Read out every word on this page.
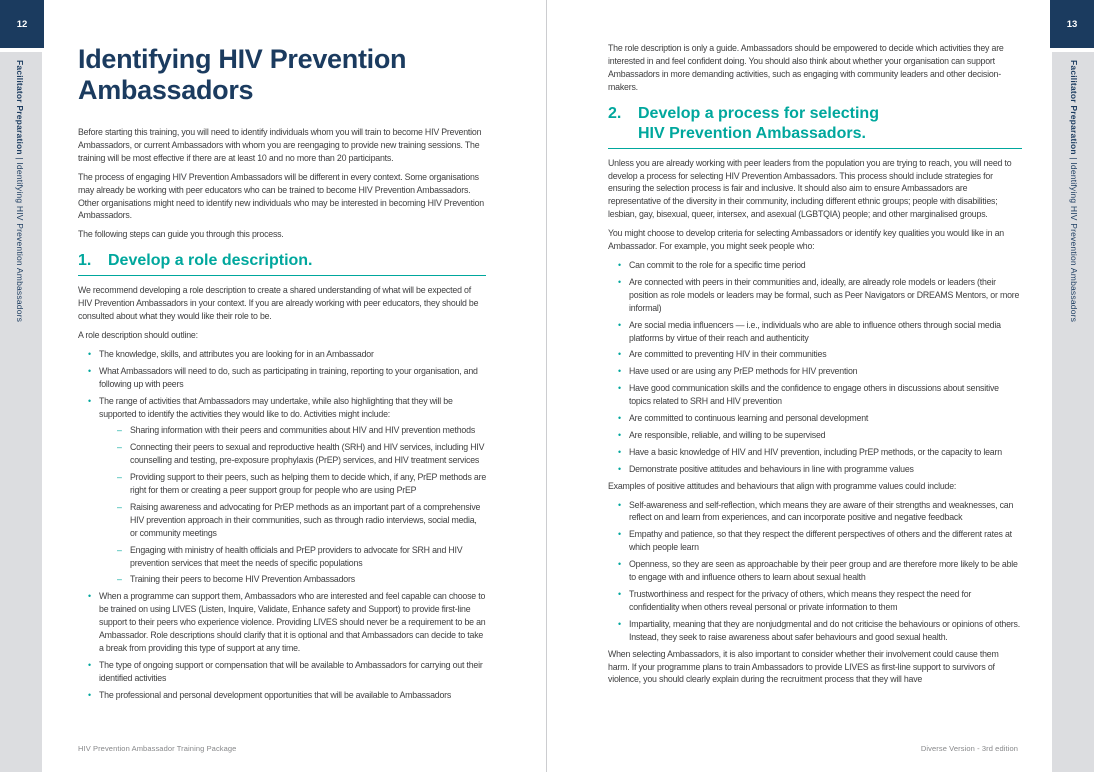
12
Facilitator Preparation | Identifying HIV Prevention Ambassadors
13
Facilitator Preparation | Identifying HIV Prevention Ambassadors
Identifying HIV Prevention Ambassadors

Before starting this training, you will need to identify individuals whom you will train to become HIV Prevention Ambassadors, or current Ambassadors with whom you are reengaging to provide new training sessions. The training will be most effective if there are at least 10 and no more than 20 participants.

The process of engaging HIV Prevention Ambassadors will be different in every context. Some organisations may already be working with peer educators who can be trained to become HIV Prevention Ambassadors. Other organisations might need to identify new individuals who may be interested in becoming HIV Prevention Ambassadors.

The following steps can guide you through this process.

1.	Develop a role description.

We recommend developing a role description to create a shared understanding of what will be expected of HIV Prevention Ambassadors in your context. If you are already working with peer educators, they should be consulted about what they would like their role to be.

A role description should outline:

• The knowledge, skills, and attributes you are looking for in an Ambassador
• What Ambassadors will need to do, such as participating in training, reporting to your organisation, and following up with peers
• The range of activities that Ambassadors may undertake, while also highlighting that they will be supported to identify the activities they would like to do. Activities might include:
– Sharing information with their peers and communities about HIV and HIV prevention methods
– Connecting their peers to sexual and reproductive health (SRH) and HIV services, including HIV counselling and testing, pre-exposure prophylaxis (PrEP) services, and HIV treatment services
– Providing support to their peers, such as helping them to decide which, if any, PrEP methods are right for them or creating a peer support group for people who are using PrEP
– Raising awareness and advocating for PrEP methods as an important part of a comprehensive HIV prevention approach in their communities, such as through radio interviews, social media, or community meetings
– Engaging with ministry of health officials and PrEP providers to advocate for SRH and HIV prevention services that meet the needs of specific populations
– Training their peers to become HIV Prevention Ambassadors
• When a programme can support them, Ambassadors who are interested and feel capable can choose to be trained on using LIVES (Listen, Inquire, Validate, Enhance safety and Support) to provide first-line support to their peers who experience violence. Providing LIVES should never be a requirement to be an Ambassador. Role descriptions should clarify that it is optional and that Ambassadors can decide to take a break from providing this type of support at any time.
• The type of ongoing support or compensation that will be available to Ambassadors for carrying out their identified activities
• The professional and personal development opportunities that will be available to Ambassadors
HIV Prevention Ambassador Training Package

The role description is only a guide. Ambassadors should be empowered to decide which activities they are interested in and feel confident doing. You should also think about whether your organisation can support Ambassadors in more demanding activities, such as engaging with community leaders and other decision-makers.

2.	Develop a process for selecting
HIV Prevention Ambassadors.

Unless you are already working with peer leaders from the population you are trying to reach, you will need to develop a process for selecting HIV Prevention Ambassadors. This process should include strategies for ensuring the selection process is fair and inclusive. It should also aim to ensure Ambassadors are representative of the diversity in their community, including different ethnic groups; people with disabilities; lesbian, gay, bisexual, queer, intersex, and asexual (LGBTQIA) people; and other marginalised groups.

You might choose to develop criteria for selecting Ambassadors or identify key qualities you would like in an Ambassador. For example, you might seek people who:

• Can commit to the role for a specific time period
• Are connected with peers in their communities and, ideally, are already role models or leaders (their position as role models or leaders may be formal, such as Peer Navigators or DREAMS Mentors, or more informal)
• Are social media influencers — i.e., individuals who are able to influence others through social media platforms by virtue of their reach and authenticity
• Are committed to preventing HIV in their communities
• Have used or are using any PrEP methods for HIV prevention
• Have good communication skills and the confidence to engage others in discussions about sensitive topics related to SRH and HIV prevention
• Are committed to continuous learning and personal development
• Are responsible, reliable, and willing to be supervised
• Have a basic knowledge of HIV and HIV prevention, including PrEP methods, or the capacity to learn
• Demonstrate positive attitudes and behaviours in line with programme values

Examples of positive attitudes and behaviours that align with programme values could include:

• Self-awareness and self-reflection, which means they are aware of their strengths and weaknesses, can reflect on and learn from experiences, and can incorporate positive and negative feedback
• Empathy and patience, so that they respect the different perspectives of others and the different rates at which people learn
• Openness, so they are seen as approachable by their peer group and are therefore more likely to be able to engage with and influence others to learn about sexual health
• Trustworthiness and respect for the privacy of others, which means they respect the need for confidentiality when others reveal personal or private information to them
• Impartiality, meaning that they are nonjudgmental and do not criticise the behaviours or opinions of others. Instead, they seek to raise awareness about safer behaviours and good sexual health.

When selecting Ambassadors, it is also important to consider whether their involvement could cause them harm. If your programme plans to train Ambassadors to provide LIVES as first-line support to survivors of violence, you should clearly explain during the recruitment process that they will have

Diverse Version - 3rd edition
